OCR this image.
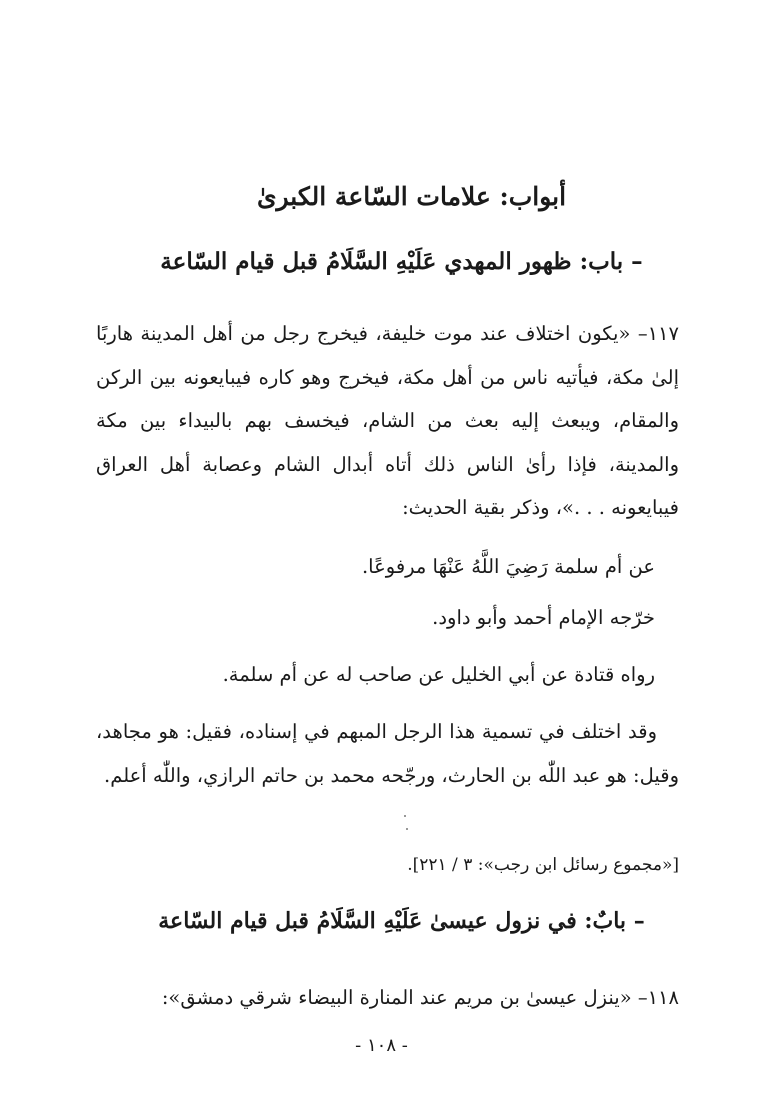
أبواب: علامات السّاعة الكبرىٰ
– باب: ظهور المهدي عَلَيْهِ السَّلَامُ قبل قيام السّاعة
١١٧– «يكون اختلاف عند موت خليفة، فيخرج رجل من أهل المدينة هاربًا إلىٰ مكة، فيأتيه ناس من أهل مكة، فيخرج وهو كاره فيبايعونه بين الركن والمقام، ويبعث إليه بعث من الشام، فيخسف بهم بالبيداء بين مكة والمدينة، فإذا رأىٰ الناس ذلك أتاه أبدال الشام وعصابة أهل العراق فيبايعونه . . .»، وذكر بقية الحديث:
عن أم سلمة رَضِيَ اللَّهُ عَنْهَا مرفوعًا.
خرّجه الإمام أحمد وأبو داود.
رواه قتادة عن أبي الخليل عن صاحب له عن أم سلمة.
وقد اختلف في تسمية هذا الرجل المبهم في إسناده، فقيل: هو مجاهد، وقيل: هو عبد اللّٰه بن الحارث، ورجّحه محمد بن حاتم الرازي، واللّٰه أعلم.
[«مجموع رسائل ابن رجب»: ٣ / ٢٢١].
– بابٌ: في نزول عيسىٰ عَلَيْهِ السَّلَامُ قبل قيام السّاعة
١١٨– «ينزل عيسىٰ بن مريم عند المنارة البيضاء شرقي دمشق»:
- ١٠٨ -
